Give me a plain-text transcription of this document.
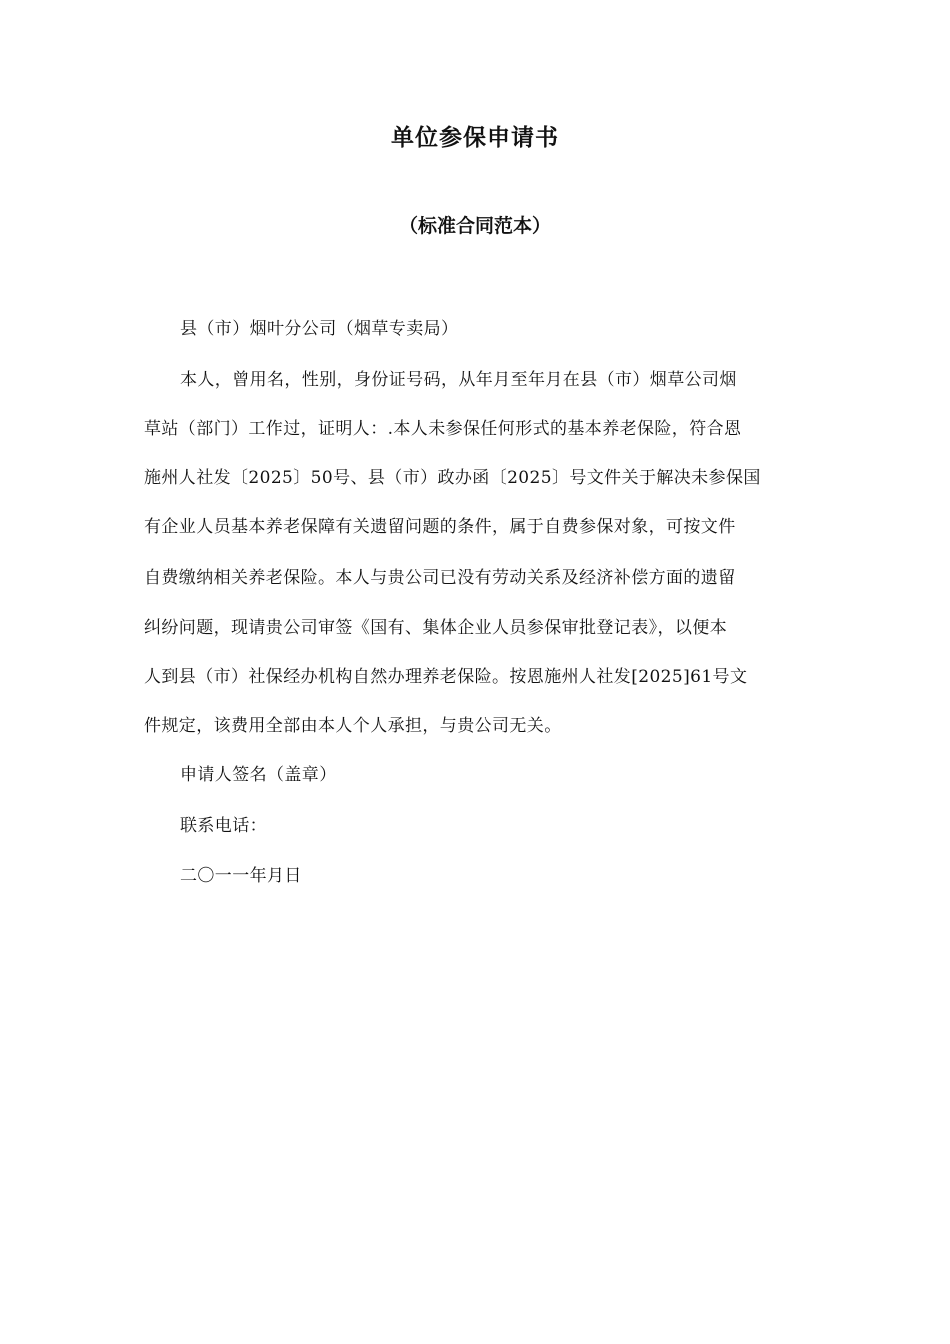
单位参保申请书
（标准合同范本）
县（市）烟叶分公司（烟草专卖局）
本人，曾用名，性别，身份证号码，从年月至年月在县（市）烟草公司烟
草站（部门）工作过，证明人：.本人未参保任何形式的基本养老保险，符合恩
施州人社发〔2025〕50号、县（市）政办函〔2025〕号文件关于解决未参保国
有企业人员基本养老保障有关遗留问题的条件，属于自费参保对象，可按文件
自费缴纳相关养老保险。本人与贵公司已没有劳动关系及经济补偿方面的遗留
纠纷问题，现请贵公司审签《国有、集体企业人员参保审批登记表》，以便本
人到县（市）社保经办机构自然办理养老保险。按恩施州人社发[2025]61号文
件规定，该费用全部由本人个人承担，与贵公司无关。
申请人签名（盖章）
联系电话：
二〇一一年月日
